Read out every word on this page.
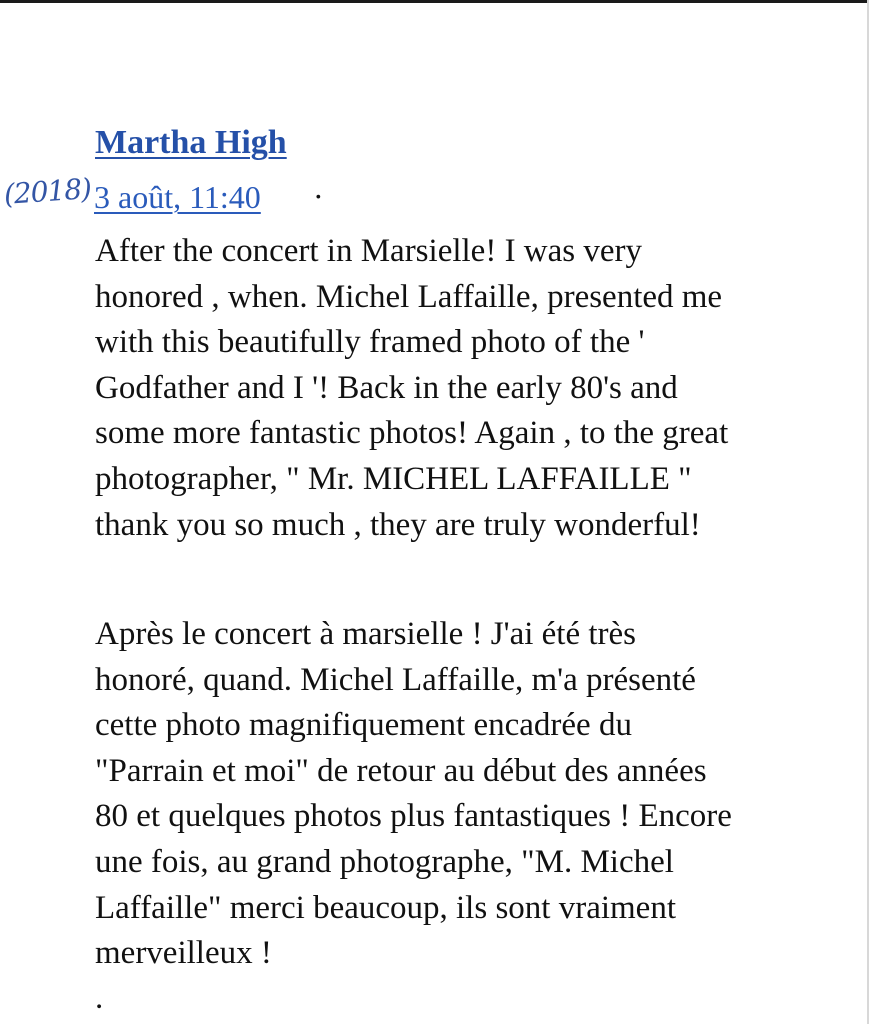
Martha High
(2018) 3 août, 11:40 ·
After the concert in Marsielle! I was very
honored , when. Michel Laffaille, presented me
with this beautifully framed photo of the '
Godfather and I '! Back in the early 80's and
some more fantastic photos! Again , to the great
photographer, " Mr. MICHEL LAFFAILLE "
thank you so much , they are truly wonderful!
Après le concert à marsielle ! J'ai été très
honoré, quand. Michel Laffaille, m'a présenté
cette photo magnifiquement encadrée du
"Parrain et moi" de retour au début des années
80 et quelques photos plus fantastiques ! Encore
une fois, au grand photographe, "M. Michel
Laffaille" merci beaucoup, ils sont vraiment
merveilleux !
.
